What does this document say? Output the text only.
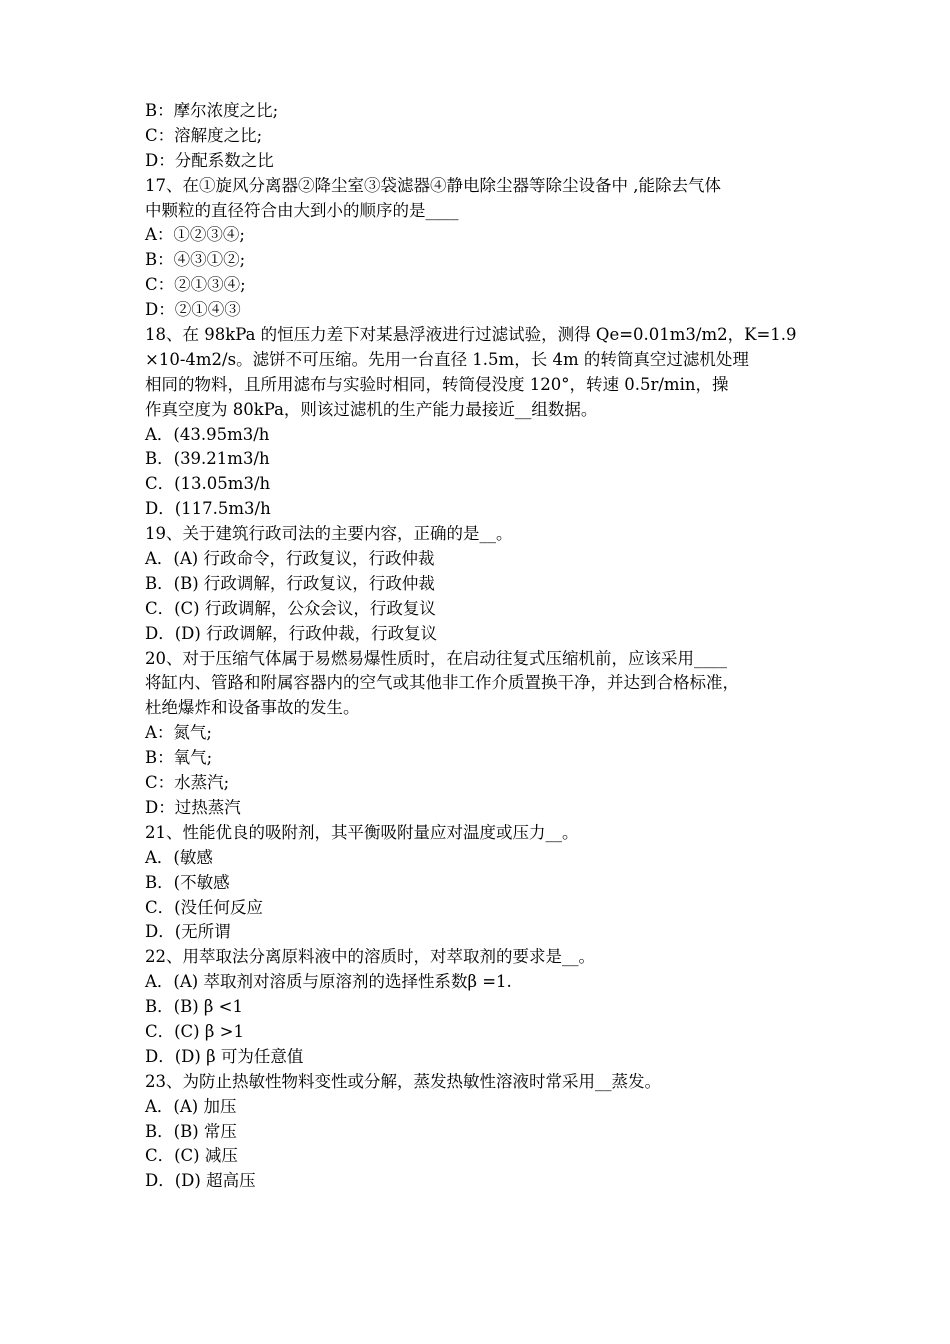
B：摩尔浓度之比;
C：溶解度之比;
D：分配系数之比
17、在①旋风分离器②降尘室③袋滤器④静电除尘器等除尘设备中 ,能除去气体
中颗粒的直径符合由大到小的顺序的是____
A：①②③④;
B：④③①②;
C：②①③④;
D：②①④③
18、在 98kPa 的恒压力差下对某悬浮液进行过滤试验，测得 Qe=0.01m3/m2，K=1.9
×10-4m2/s。滤饼不可压缩。先用一台直径 1.5m，长 4m 的转筒真空过滤机处理
相同的物料，且所用滤布与实验时相同，转筒侵没度 120°，转速 0.5r/min，操
作真空度为 80kPa，则该过滤机的生产能力最接近__组数据。
A．(43.95m3/h
B．(39.21m3/h
C．(13.05m3/h
D．(117.5m3/h
19、关于建筑行政司法的主要内容，正确的是__。
A．(A) 行政命令，行政复议，行政仲裁
B．(B) 行政调解，行政复议，行政仲裁
C．(C) 行政调解，公众会议，行政复议
D．(D) 行政调解，行政仲裁，行政复议
20、对于压缩气体属于易燃易爆性质时，在启动往复式压缩机前，应该采用____
将缸内、管路和附属容器内的空气或其他非工作介质置换干净，并达到合格标准，
杜绝爆炸和设备事故的发生。
A：氮气;
B：氧气;
C：水蒸汽;
D：过热蒸汽
21、性能优良的吸附剂，其平衡吸附量应对温度或压力__。
A．(敏感
B．(不敏感
C．(没任何反应
D．(无所谓
22、用萃取法分离原料液中的溶质时，对萃取剂的要求是__。
A．(A) 萃取剂对溶质与原溶剂的选择性系数β =1.
B．(B) β <1
C．(C) β >1
D．(D) β 可为任意值
23、为防止热敏性物料变性或分解，蒸发热敏性溶液时常采用__蒸发。
A．(A) 加压
B．(B) 常压
C．(C) 减压
D．(D) 超高压
